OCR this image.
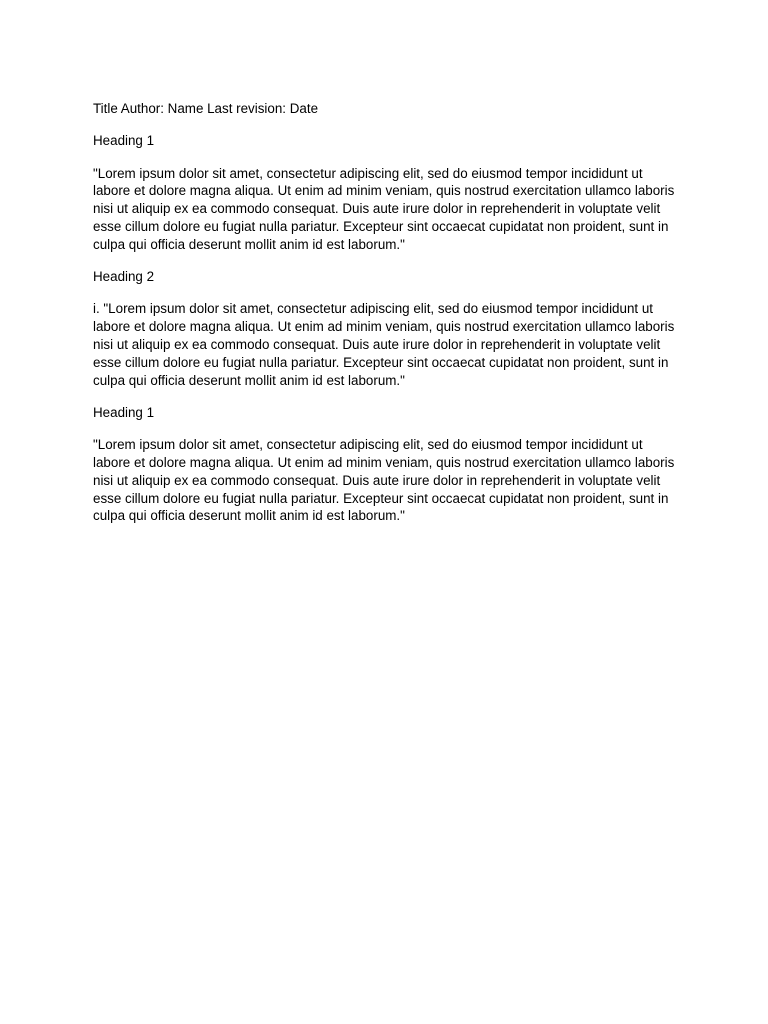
Title Author: Name Last revision: Date
Heading 1
"Lorem ipsum dolor sit amet, consectetur adipiscing elit, sed do eiusmod tempor incididunt ut labore et dolore magna aliqua. Ut enim ad minim veniam, quis nostrud exercitation ullamco laboris nisi ut aliquip ex ea commodo consequat. Duis aute irure dolor in reprehenderit in voluptate velit esse cillum dolore eu fugiat nulla pariatur. Excepteur sint occaecat cupidatat non proident, sunt in culpa qui officia deserunt mollit anim id est laborum."
Heading 2
i. "Lorem ipsum dolor sit amet, consectetur adipiscing elit, sed do eiusmod tempor incididunt ut labore et dolore magna aliqua. Ut enim ad minim veniam, quis nostrud exercitation ullamco laboris nisi ut aliquip ex ea commodo consequat. Duis aute irure dolor in reprehenderit in voluptate velit esse cillum dolore eu fugiat nulla pariatur. Excepteur sint occaecat cupidatat non proident, sunt in culpa qui officia deserunt mollit anim id est laborum."
Heading 1
"Lorem ipsum dolor sit amet, consectetur adipiscing elit, sed do eiusmod tempor incididunt ut labore et dolore magna aliqua. Ut enim ad minim veniam, quis nostrud exercitation ullamco laboris nisi ut aliquip ex ea commodo consequat. Duis aute irure dolor in reprehenderit in voluptate velit esse cillum dolore eu fugiat nulla pariatur. Excepteur sint occaecat cupidatat non proident, sunt in culpa qui officia deserunt mollit anim id est laborum."
